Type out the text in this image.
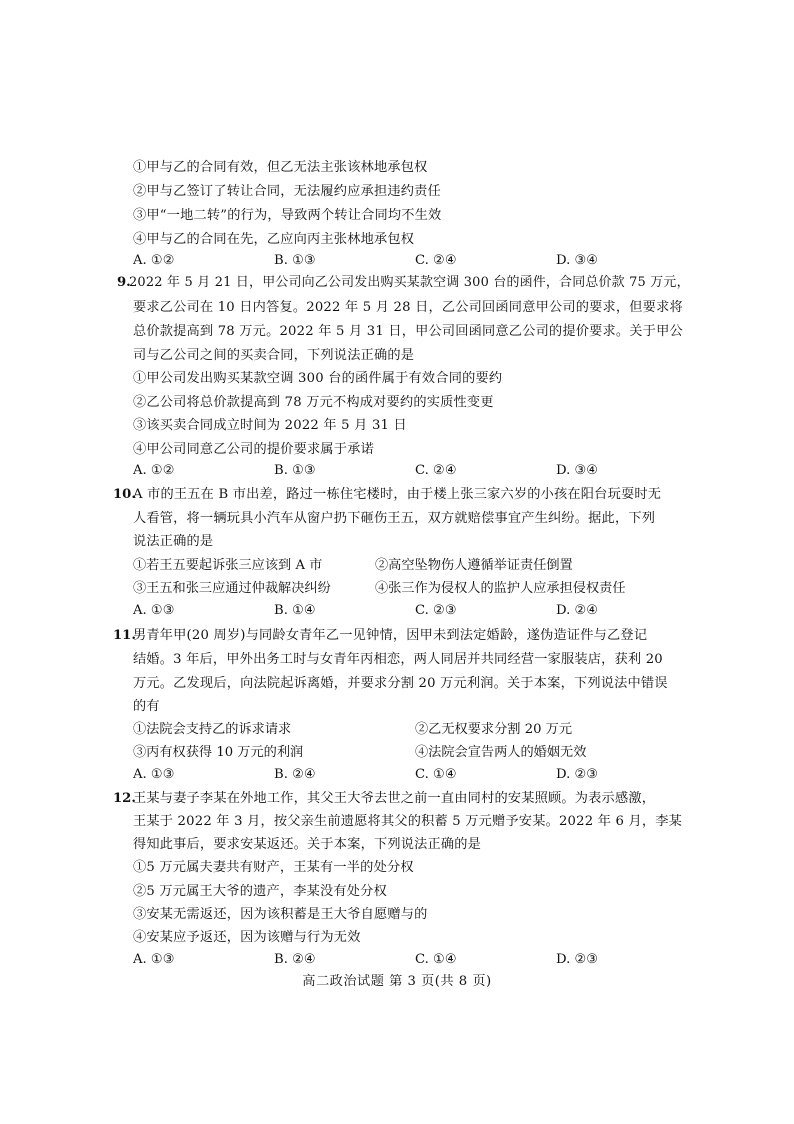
①甲与乙的合同有效，但乙无法主张该林地承包权
②甲与乙签订了转让合同，无法履约应承担违约责任
③甲“一地二转”的行为，导致两个转让合同均不生效
④甲与乙的合同在先，乙应向丙主张林地承包权
A. ①②	B. ①③	C. ②④	D. ③④
9.
2022 年 5 月 21 日，甲公司向乙公司发出购买某款空调 300 台的函件，合同总价款 75 万元，
要求乙公司在 10 日内答复。2022 年 5 月 28 日，乙公司回函同意甲公司的要求，但要求将
总价款提高到 78 万元。2022 年 5 月 31 日，甲公司回函同意乙公司的提价要求。关于甲公
司与乙公司之间的买卖合同，下列说法正确的是
①甲公司发出购买某款空调 300 台的函件属于有效合同的要约
②乙公司将总价款提高到 78 万元不构成对要约的实质性变更
③该买卖合同成立时间为 2022 年 5 月 31 日
④甲公司同意乙公司的提价要求属于承诺
A. ①②	B. ①③	C. ②④	D. ③④
10.
A 市的王五在 B 市出差，路过一栋住宅楼时，由于楼上张三家六岁的小孩在阳台玩耍时无
人看管，将一辆玩具小汽车从窗户扔下砸伤王五，双方就赔偿事宜产生纠纷。据此，下列
说法正确的是
①若王五要起诉张三应该到 A 市	②高空坠物伤人遵循举证责任倒置
③王五和张三应通过仲裁解决纠纷	④张三作为侵权人的监护人应承担侵权责任
A. ①③	B. ①④	C. ②③	D. ②④
11.
男青年甲(20 周岁)与同龄女青年乙一见钟情，因甲未到法定婚龄，遂伪造证件与乙登记
结婚。3 年后，甲外出务工时与女青年丙相恋，两人同居并共同经营一家服装店，获利 20
万元。乙发现后，向法院起诉离婚，并要求分割 20 万元利润。关于本案，下列说法中错误
的有
①法院会支持乙的诉求请求	②乙无权要求分割 20 万元
③丙有权获得 10 万元的利润	④法院会宣告两人的婚姻无效
A. ①③	B. ②④	C. ①④	D. ②③
12.
王某与妻子李某在外地工作，其父王大爷去世之前一直由同村的安某照顾。为表示感激，
王某于 2022 年 3 月，按父亲生前遗愿将其父的积蓄 5 万元赠予安某。2022 年 6 月，李某
得知此事后，要求安某返还。关于本案，下列说法正确的是
①5 万元属夫妻共有财产，王某有一半的处分权
②5 万元属王大爷的遗产，李某没有处分权
③安某无需返还，因为该积蓄是王大爷自愿赠与的
④安某应予返还，因为该赠与行为无效
A. ①③	B. ②④	C. ①④	D. ②③
高二政治试题 第 3 页(共 8 页)
